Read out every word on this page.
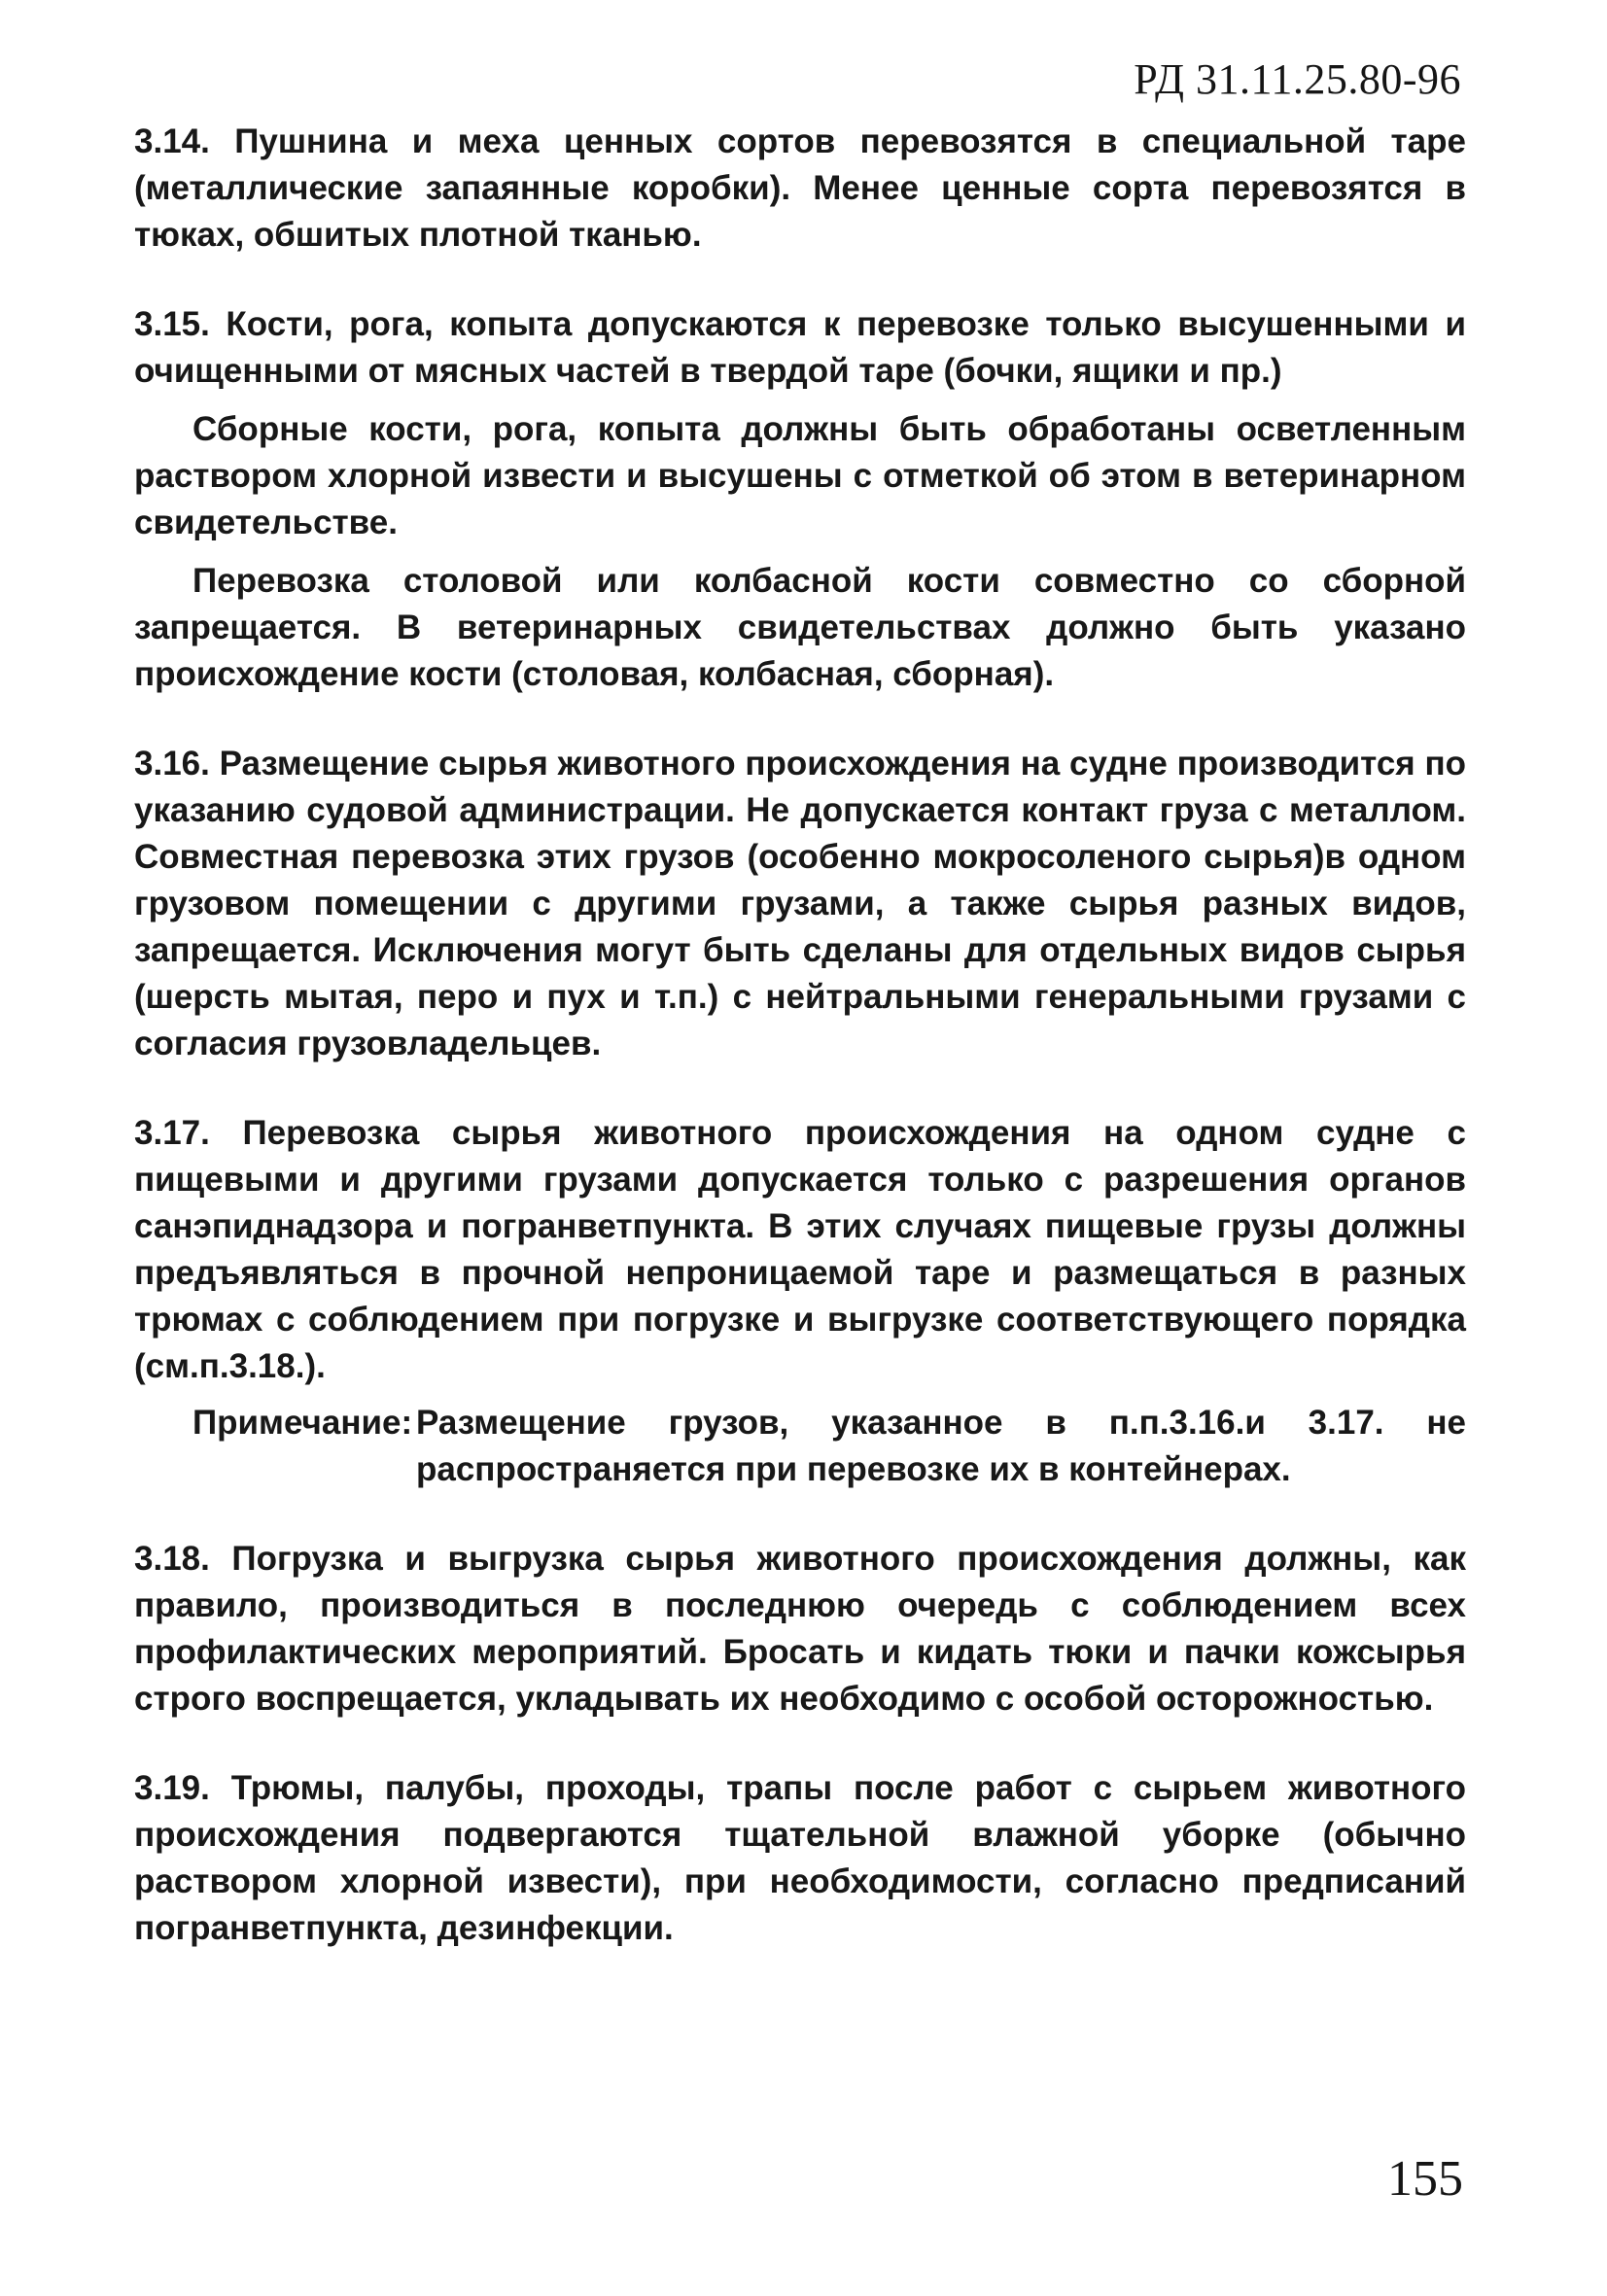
РД 31.11.25.80-96

3.14. Пушнина и меха ценных сортов перевозятся в специальной таре (металлические запаянные коробки). Менее ценные сорта перевозятся в тюках, обшитых плотной тканью.

3.15. Кости, рога, копыта допускаются к перевозке только высушенными и очищенными от мясных частей в твердой таре (бочки, ящики и пр.)

Сборные кости, рога, копыта должны быть обработаны осветленным раствором хлорной извести и высушены с отметкой об этом в ветеринарном свидетельстве.

Перевозка столовой или колбасной кости совместно со сборной запрещается. В ветеринарных свидетельствах должно быть указано происхождение кости (столовая, колбасная, сборная).

3.16. Размещение сырья животного происхождения на судне производится по указанию судовой администрации. Не допускается контакт груза с металлом. Совместная перевозка этих грузов (особенно мокросоленого сырья)в одном грузовом помещении с другими грузами, а также сырья разных видов, запрещается. Исключения могут быть сделаны для отдельных видов сырья (шерсть мытая, перо и пух и т.п.) с нейтральными генеральными грузами с согласия грузовладельцев.

3.17. Перевозка сырья животного происхождения на одном судне с пищевыми и другими грузами допускается только с разрешения органов санэпиднадзора и погранветпункта. В этих случаях пищевые грузы должны предъявляться в прочной непроницаемой таре и размещаться в разных трюмах с соблюдением при погрузке и выгрузке соответствующего порядка (см.п.3.18.).

Примечание: Размещение грузов, указанное в п.п.3.16.и 3.17. не распространяется при перевозке их в контейнерах.

3.18. Погрузка и выгрузка сырья животного происхождения должны, как правило, производиться в последнюю очередь с соблюдением всех профилактических мероприятий. Бросать и кидать тюки и пачки кожсырья строго воспрещается, укладывать их необходимо с особой осторожностью.

3.19. Трюмы, палубы, проходы, трапы после работ с сырьем животного происхождения подвергаются тщательной влажной уборке (обычно раствором хлорной извести), при необходимости, согласно предписаний погранветпункта, дезинфекции.

155
